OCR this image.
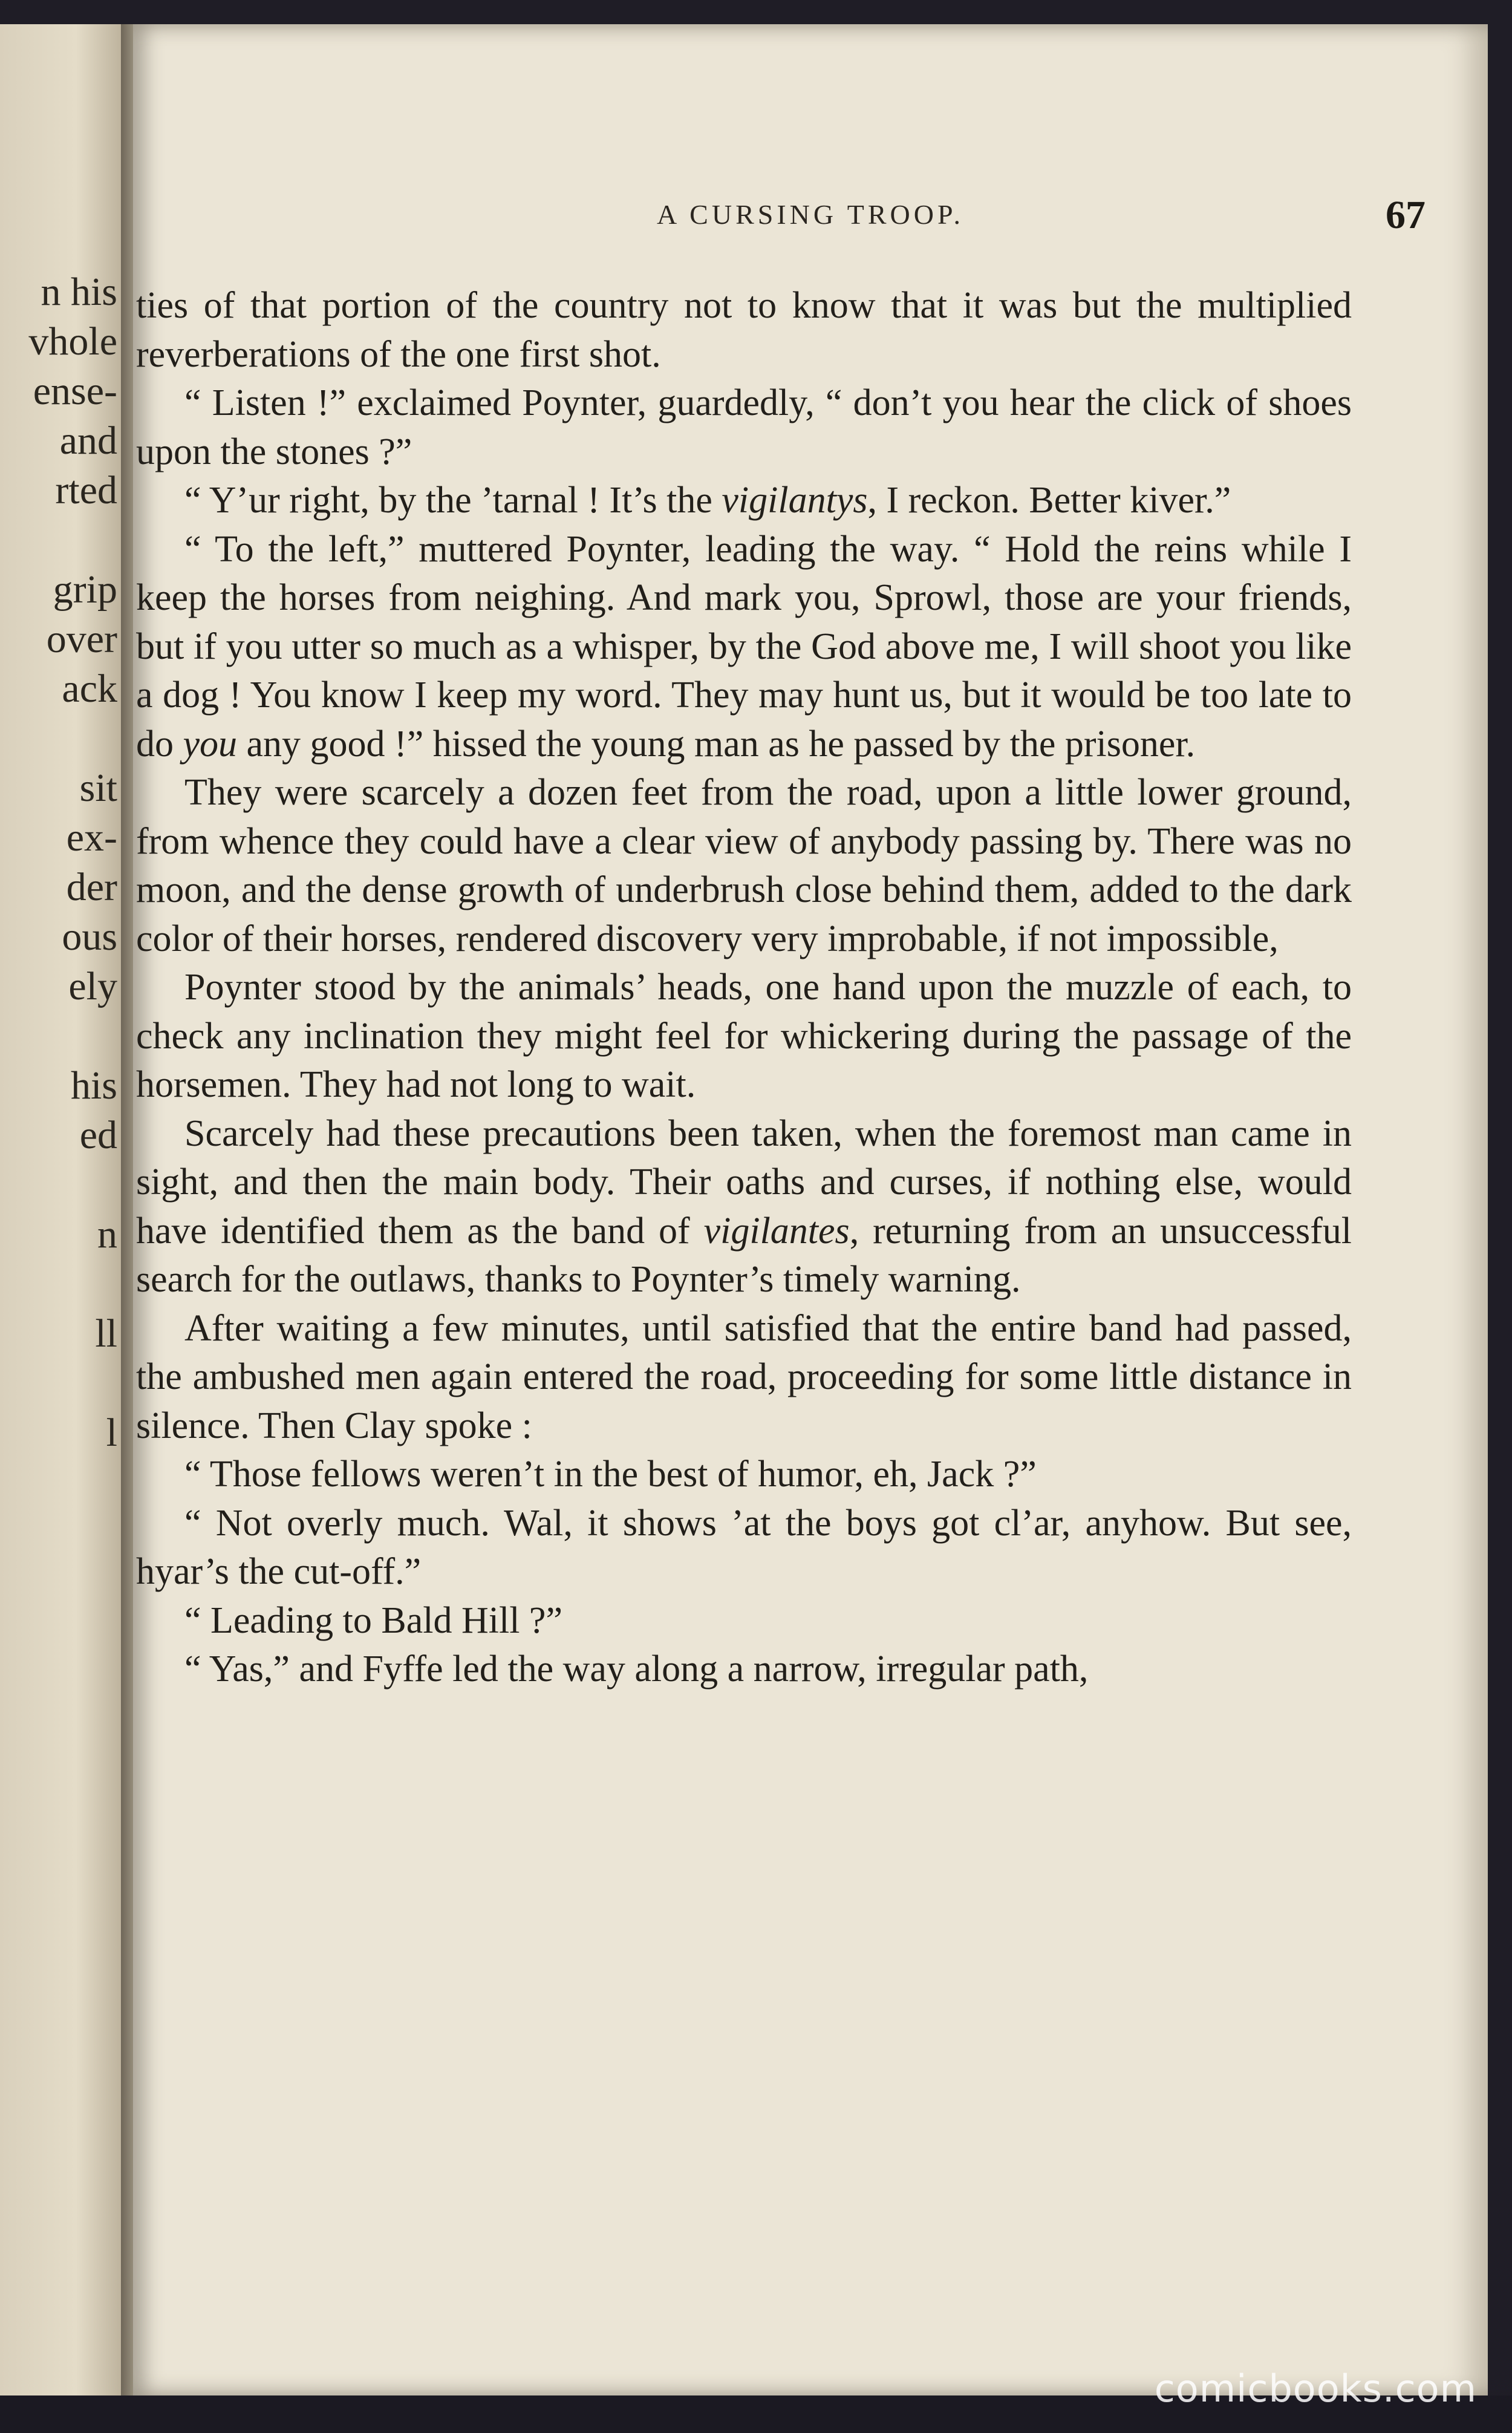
n his
vhole
ense-
and
rted
grip
over
ack
sit
ex-
der
ous
ely
his
ed
n
ll
l
A CURSING TROOP.	67

ties of that portion of the country not to know that it was but the multiplied reverberations of the one first shot.

“ Listen !” exclaimed Poynter, guardedly, “ don’t you hear the click of shoes upon the stones ?”

“ Y’ur right, by the ’tarnal ! It’s the vigilantys, I reckon. Better kiver.”

“ To the left,” muttered Poynter, leading the way. “ Hold the reins while I keep the horses from neighing. And mark you, Sprowl, those are your friends, but if you utter so much as a whisper, by the God above me, I will shoot you like a dog ! You know I keep my word. They may hunt us, but it would be too late to do you any good !” hissed the young man as he passed by the prisoner.

They were scarcely a dozen feet from the road, upon a little lower ground, from whence they could have a clear view of anybody passing by. There was no moon, and the dense growth of underbrush close behind them, added to the dark color of their horses, rendered discovery very improbable, if not impossible,

Poynter stood by the animals’ heads, one hand upon the muzzle of each, to check any inclination they might feel for whickering during the passage of the horsemen. They had not long to wait.

Scarcely had these precautions been taken, when the foremost man came in sight, and then the main body. Their oaths and curses, if nothing else, would have identified them as the band of vigilantes, returning from an unsuccessful search for the outlaws, thanks to Poynter’s timely warning.

After waiting a few minutes, until satisfied that the entire band had passed, the ambushed men again entered the road, proceeding for some little distance in silence. Then Clay spoke :

“ Those fellows weren’t in the best of humor, eh, Jack ?”

“ Not overly much. Wal, it shows ’at the boys got cl’ar, anyhow. But see, hyar’s the cut-off.”

“ Leading to Bald Hill ?”

“ Yas,” and Fyffe led the way along a narrow, irregular path,

comicbooks.com
